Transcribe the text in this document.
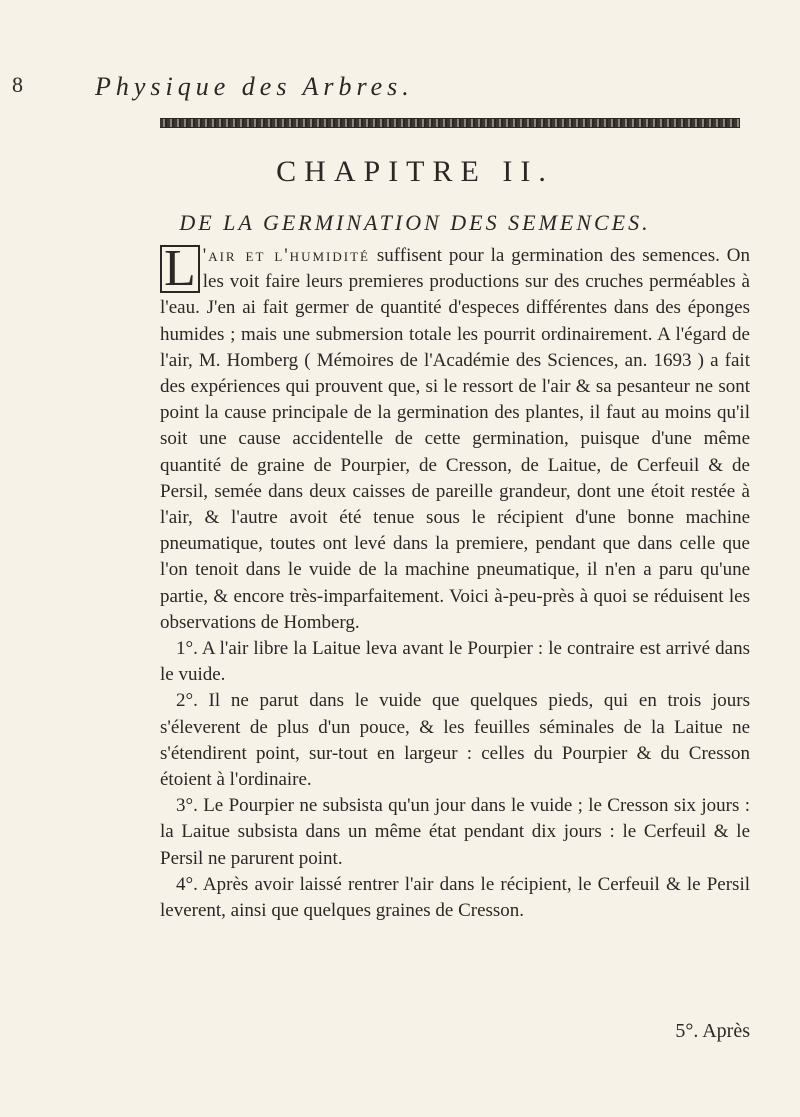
8	Physique des Arbres.
CHAPITRE II.
DE LA GERMINATION DES SEMENCES.

L 'air et l'humidité suffisent pour la germination des semences. On les voit faire leurs premieres productions sur des cruches perméables à l'eau. J'en ai fait germer de quantité d'especes différentes dans des éponges humides ; mais une submersion totale les pourrit ordinairement. A l'égard de l'air, M. Homberg ( Mémoires de l'Académie des Sciences, an. 1693 ) a fait des expériences qui prouvent que, si le ressort de l'air & sa pesanteur ne sont point la cause principale de la germination des plantes, il faut au moins qu'il soit une cause accidentelle de cette germination, puisque d'une même quantité de graine de Pourpier, de Cresson, de Laitue, de Cerfeuil & de Persil, semée dans deux caisses de pareille grandeur, dont une étoit restée à l'air, & l'autre avoit été tenue sous le récipient d'une bonne machine pneumatique, toutes ont levé dans la premiere, pendant que dans celle que l'on tenoit dans le vuide de la machine pneumatique, il n'en a paru qu'une partie, & encore très-imparfaitement. Voici à-peu-près à quoi se réduisent les observations de Homberg.

1°. A l'air libre la Laitue leva avant le Pourpier : le contraire est arrivé dans le vuide.

2°. Il ne parut dans le vuide que quelques pieds, qui en trois jours s'éleverent de plus d'un pouce, & les feuilles séminales de la Laitue ne s'étendirent point, sur-tout en largeur : celles du Pourpier & du Cresson étoient à l'ordinaire.

3°. Le Pourpier ne subsista qu'un jour dans le vuide ; le Cresson six jours : la Laitue subsista dans un même état pendant dix jours : le Cerfeuil & le Persil ne parurent point.

4°. Après avoir laissé rentrer l'air dans le récipient, le Cerfeuil & le Persil leverent, ainsi que quelques graines de Cresson.

5°. Après
